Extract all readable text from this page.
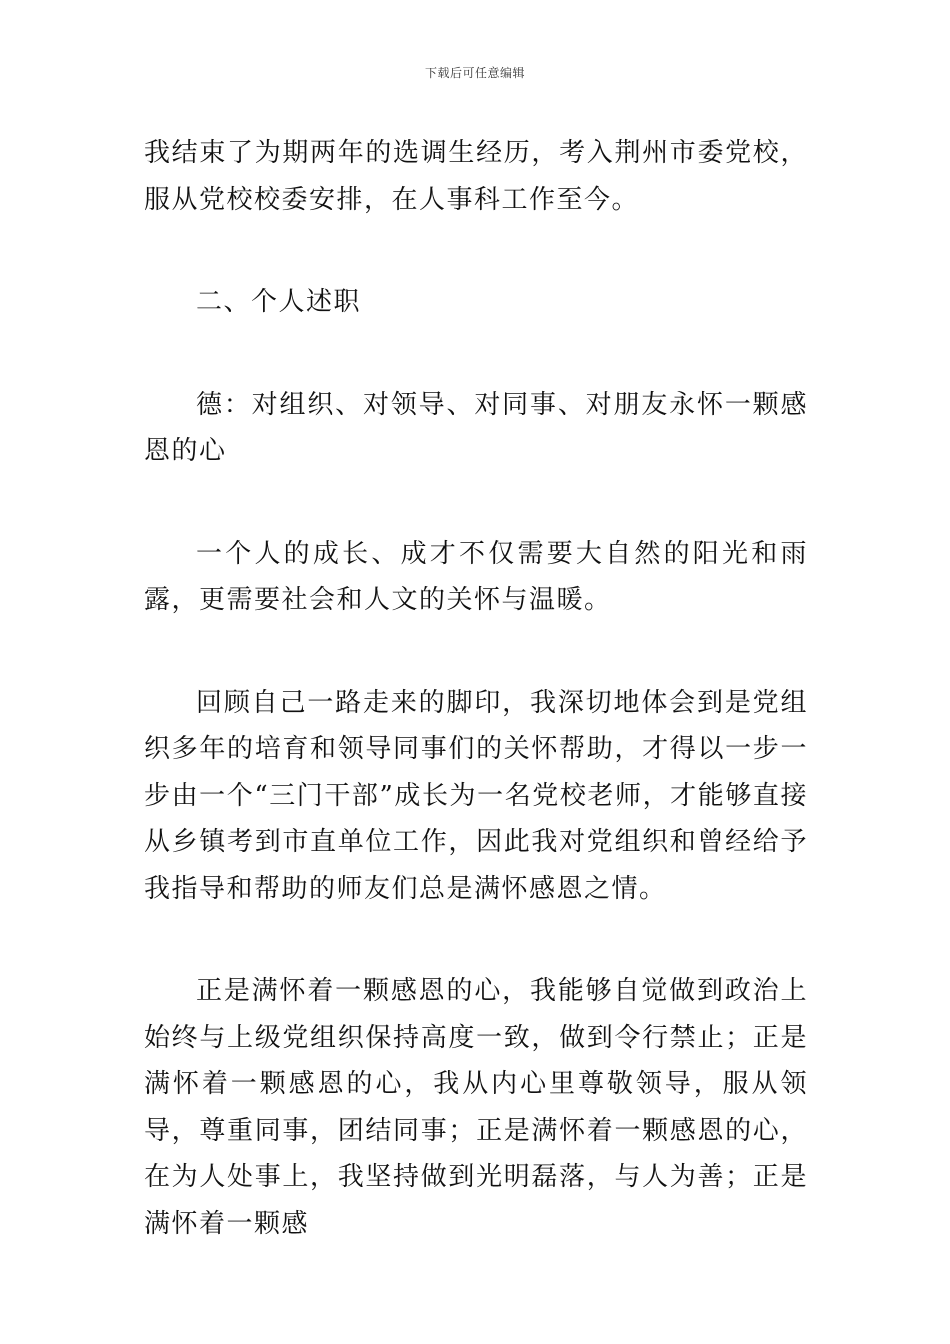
下载后可任意编辑

我结束了为期两年的选调生经历，考入荆州市委党校，服从党校校委安排，在人事科工作至今。

二、个人述职

德：对组织、对领导、对同事、对朋友永怀一颗感恩的心

一个人的成长、成才不仅需要大自然的阳光和雨露，更需要社会和人文的关怀与温暖。

回顾自己一路走来的脚印，我深切地体会到是党组织多年的培育和领导同事们的关怀帮助，才得以一步一步由一个“三门干部”成长为一名党校老师，才能够直接从乡镇考到市直单位工作，因此我对党组织和曾经给予我指导和帮助的师友们总是满怀感恩之情。

正是满怀着一颗感恩的心，我能够自觉做到政治上始终与上级党组织保持高度一致，做到令行禁止；正是满怀着一颗感恩的心，我从内心里尊敬领导，服从领导，尊重同事，团结同事；正是满怀着一颗感恩的心，在为人处事上，我坚持做到光明磊落，与人为善；正是满怀着一颗感
